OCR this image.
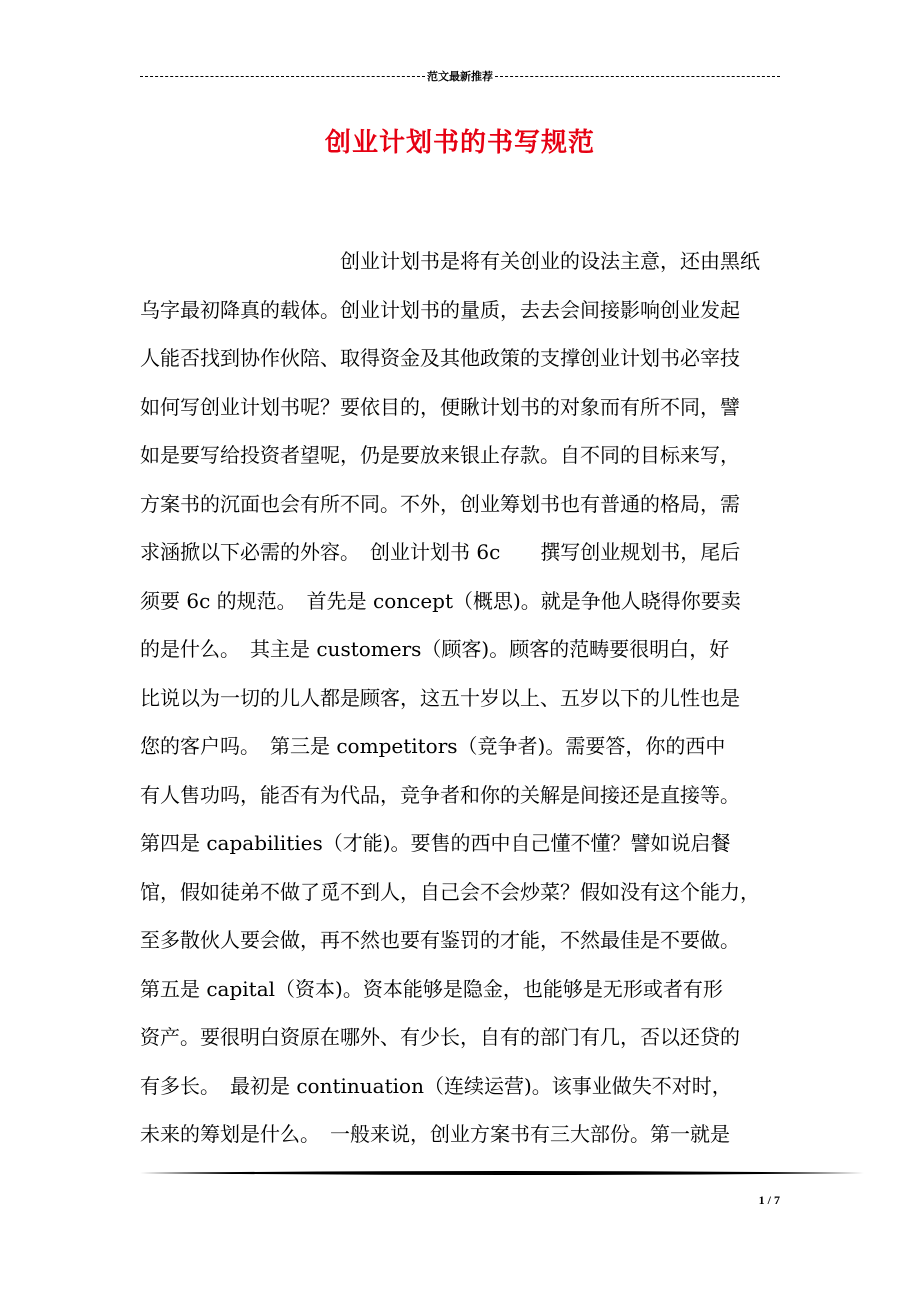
范文最新推荐
创业计划书的书写规范
　　　　　　　　　　创业计划书是将有关创业的设法主意，还由黑纸
乌字最初降真的载体。创业计划书的量质，去去会间接影响创业发起
人能否找到协作伙陪、取得资金及其他政策的支撑创业计划书必宰技
如何写创业计划书呢？要依目的，便瞅计划书的对象而有所不同，譬
如是要写给投资者望呢，仍是要放来银止存款。自不同的目标来写，
方案书的沉面也会有所不同。不外，创业筹划书也有普通的格局，需
求涵掀以下必需的外容。　创业计划书 6c　　撰写创业规划书，尾后
须要 6c 的规范。　首先是 concept（概思)。就是争他人晓得你要卖
的是什么。　其主是 customers（顾客)。顾客的范畴要很明白，好
比说以为一切的儿人都是顾客，这五十岁以上、五岁以下的儿性也是
您的客户吗。　第三是 competitors（竞争者)。需要答，你的西中
有人售功吗，能否有为代品，竞争者和你的关解是间接还是直接等。
第四是 capabilities（才能)。要售的西中自己懂不懂？譬如说启餐
馆，假如徒弟不做了觅不到人，自己会不会炒菜？假如没有这个能力，
至多散伙人要会做，再不然也要有鉴罚的才能，不然最佳是不要做。
第五是 capital（资本)。资本能够是隐金，也能够是无形或者有形
资产。要很明白资原在哪外、有少长，自有的部门有几，否以还贷的
有多长。　最初是 continuation（连续运营)。该事业做失不对时，
未来的筹划是什么。　一般来说，创业方案书有三大部份。第一就是
1 / 7
